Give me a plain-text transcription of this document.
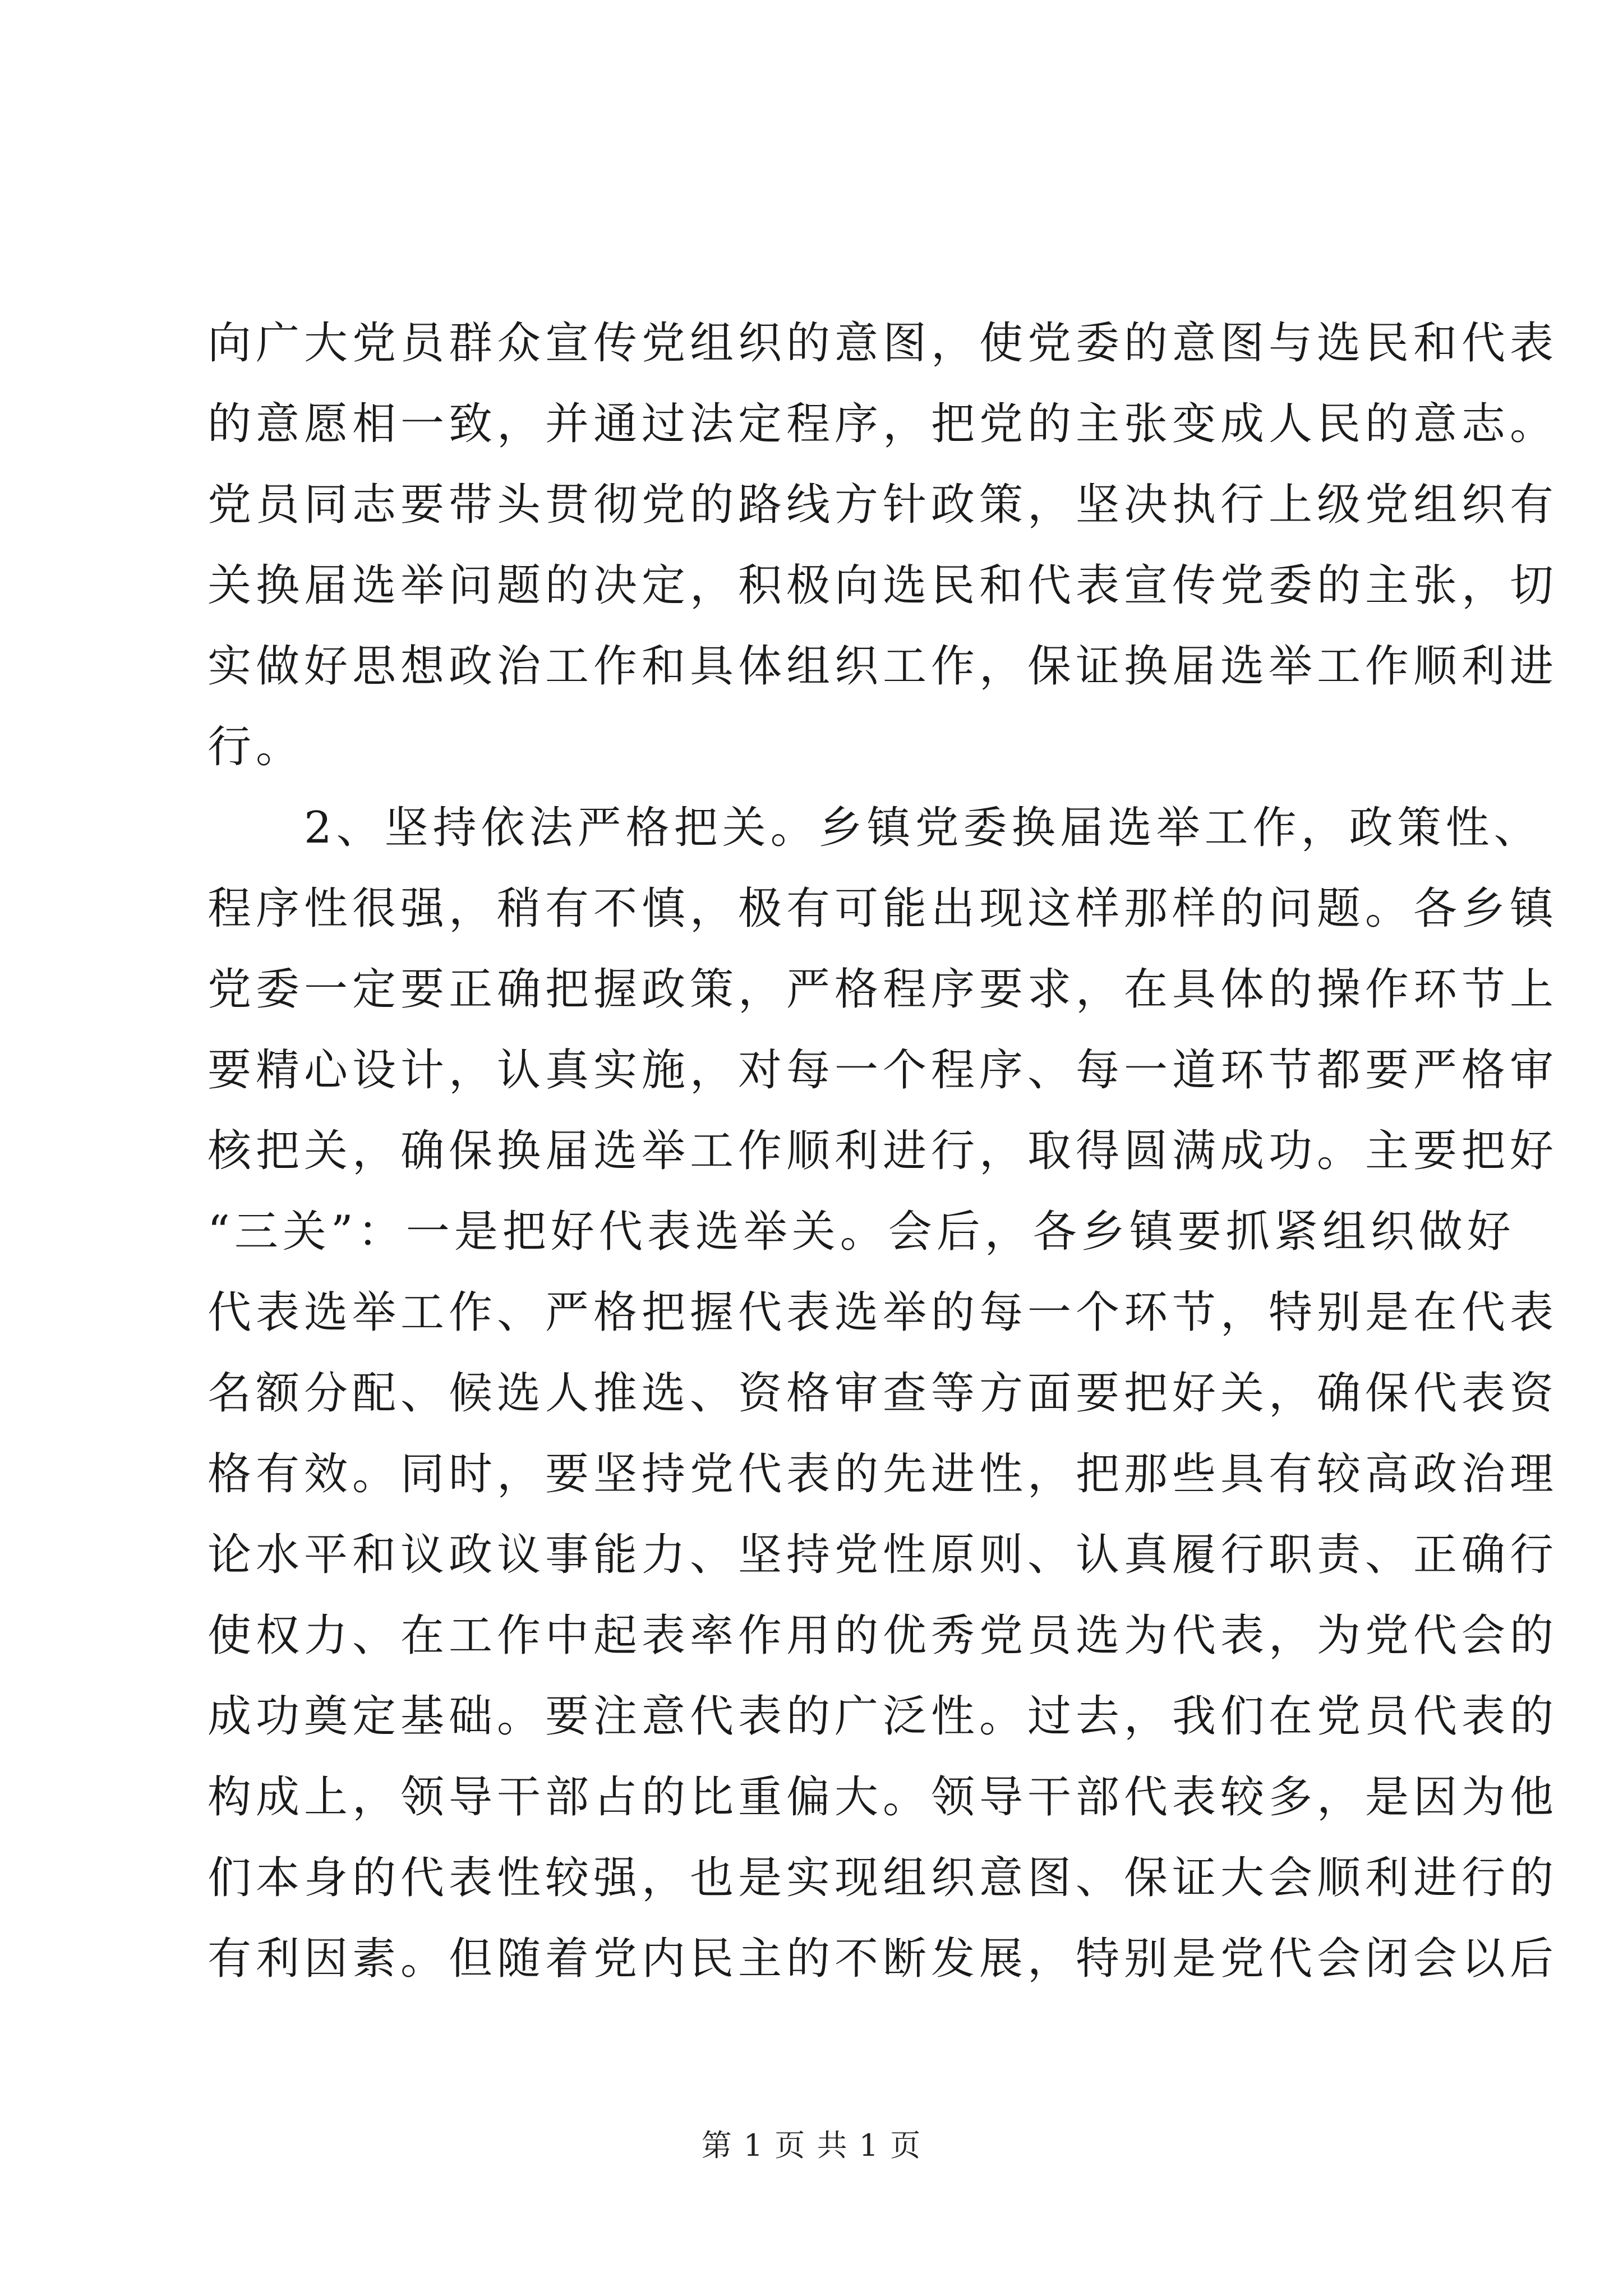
向广大党员群众宣传党组织的意图，使党委的意图与选民和代表
的意愿相一致，并通过法定程序，把党的主张变成人民的意志。
党员同志要带头贯彻党的路线方针政策，坚决执行上级党组织有
关换届选举问题的决定，积极向选民和代表宣传党委的主张，切
实做好思想政治工作和具体组织工作，保证换届选举工作顺利进
行。
　　2、坚持依法严格把关。乡镇党委换届选举工作，政策性、
程序性很强，稍有不慎，极有可能出现这样那样的问题。各乡镇
党委一定要正确把握政策，严格程序要求，在具体的操作环节上
要精心设计，认真实施，对每一个程序、每一道环节都要严格审
核把关，确保换届选举工作顺利进行，取得圆满成功。主要把好
“三关”：一是把好代表选举关。会后，各乡镇要抓紧组织做好
代表选举工作、严格把握代表选举的每一个环节，特别是在代表
名额分配、候选人推选、资格审查等方面要把好关，确保代表资
格有效。同时，要坚持党代表的先进性，把那些具有较高政治理
论水平和议政议事能力、坚持党性原则、认真履行职责、正确行
使权力、在工作中起表率作用的优秀党员选为代表，为党代会的
成功奠定基础。要注意代表的广泛性。过去，我们在党员代表的
构成上，领导干部占的比重偏大。领导干部代表较多，是因为他
们本身的代表性较强，也是实现组织意图、保证大会顺利进行的
有利因素。但随着党内民主的不断发展，特别是党代会闭会以后
第 1 页 共 1 页
